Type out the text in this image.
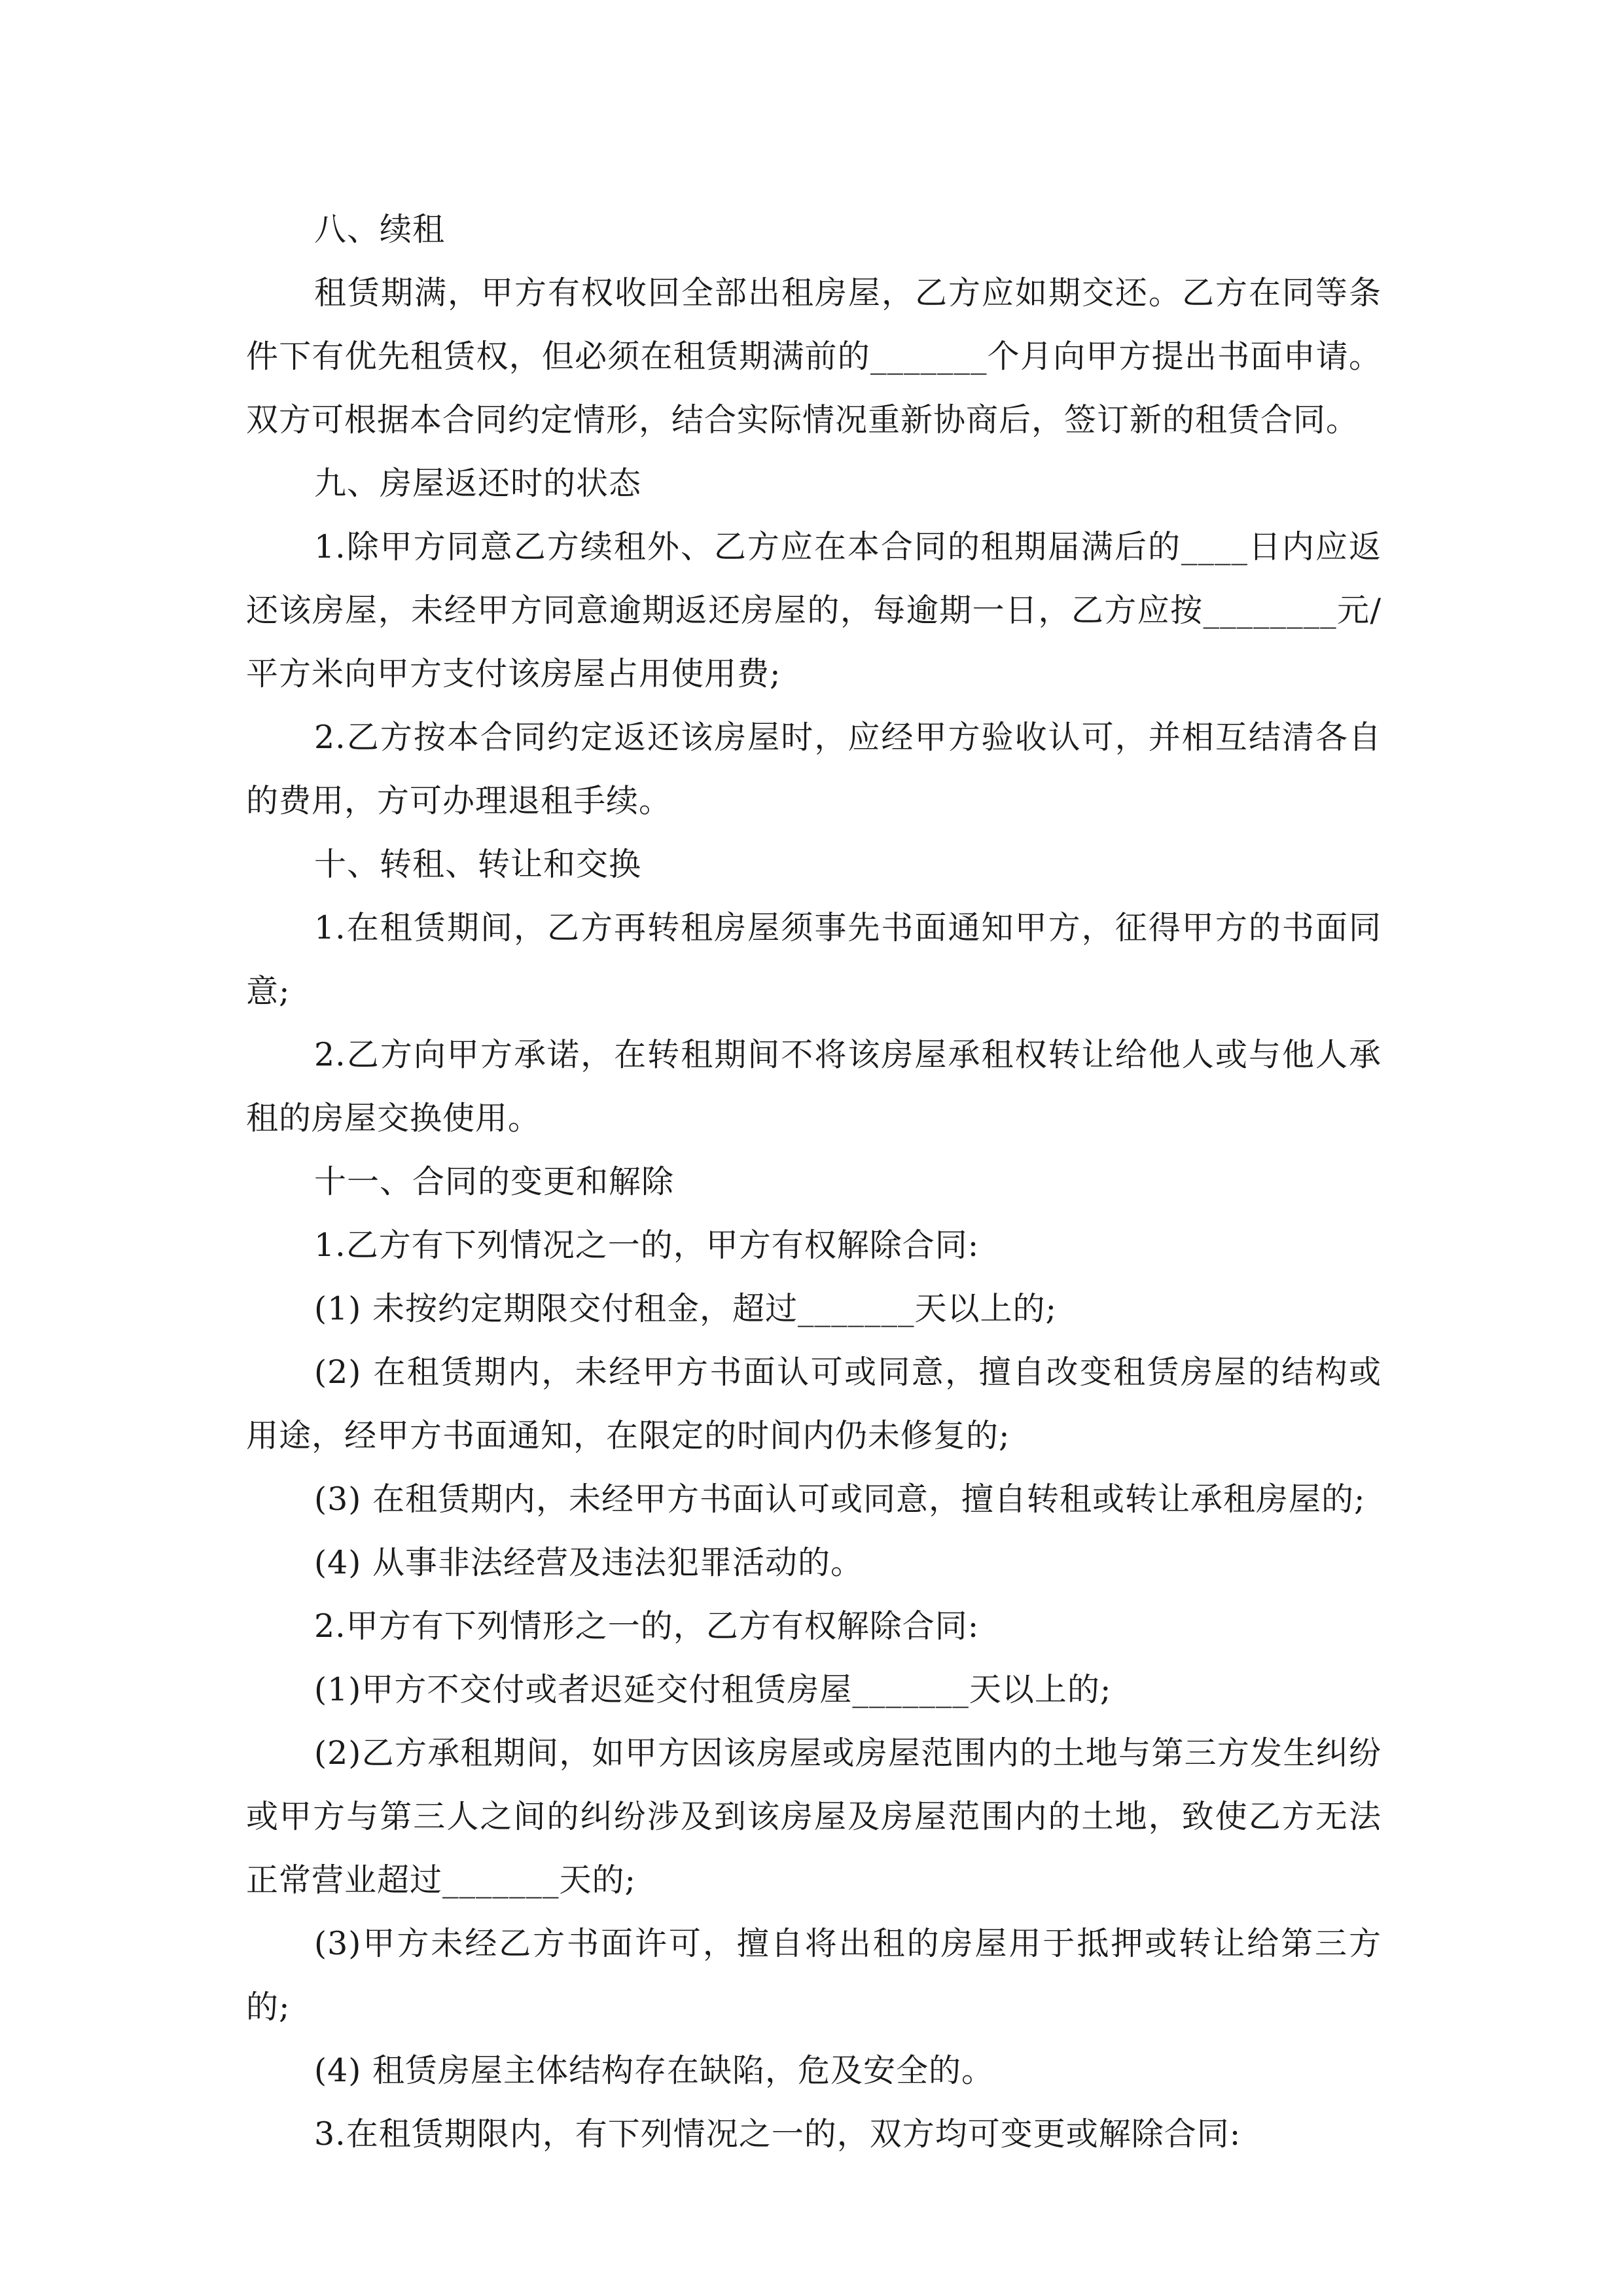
八、续租

租赁期满，甲方有权收回全部出租房屋，乙方应如期交还。乙方在同等条件下有优先租赁权，但必须在租赁期满前的_______个月向甲方提出书面申请。双方可根据本合同约定情形，结合实际情况重新协商后，签订新的租赁合同。

九、房屋返还时的状态

1.除甲方同意乙方续租外、乙方应在本合同的租期届满后的____日内应返还该房屋，未经甲方同意逾期返还房屋的，每逾期一日，乙方应按________元/平方米向甲方支付该房屋占用使用费;

2.乙方按本合同约定返还该房屋时，应经甲方验收认可，并相互结清各自的费用，方可办理退租手续。

十、转租、转让和交换

1.在租赁期间，乙方再转租房屋须事先书面通知甲方，征得甲方的书面同意;

2.乙方向甲方承诺，在转租期间不将该房屋承租权转让给他人或与他人承租的房屋交换使用。

十一、合同的变更和解除

1.乙方有下列情况之一的，甲方有权解除合同:

(1) 未按约定期限交付租金，超过_______天以上的;

(2) 在租赁期内，未经甲方书面认可或同意，擅自改变租赁房屋的结构或用途，经甲方书面通知，在限定的时间内仍未修复的;

(3) 在租赁期内，未经甲方书面认可或同意，擅自转租或转让承租房屋的;

(4) 从事非法经营及违法犯罪活动的。

2.甲方有下列情形之一的，乙方有权解除合同:

(1)甲方不交付或者迟延交付租赁房屋_______天以上的;

(2)乙方承租期间，如甲方因该房屋或房屋范围内的土地与第三方发生纠纷或甲方与第三人之间的纠纷涉及到该房屋及房屋范围内的土地，致使乙方无法正常营业超过_______天的;

(3)甲方未经乙方书面许可，擅自将出租的房屋用于抵押或转让给第三方的;

(4) 租赁房屋主体结构存在缺陷，危及安全的。

3.在租赁期限内，有下列情况之一的，双方均可变更或解除合同:
